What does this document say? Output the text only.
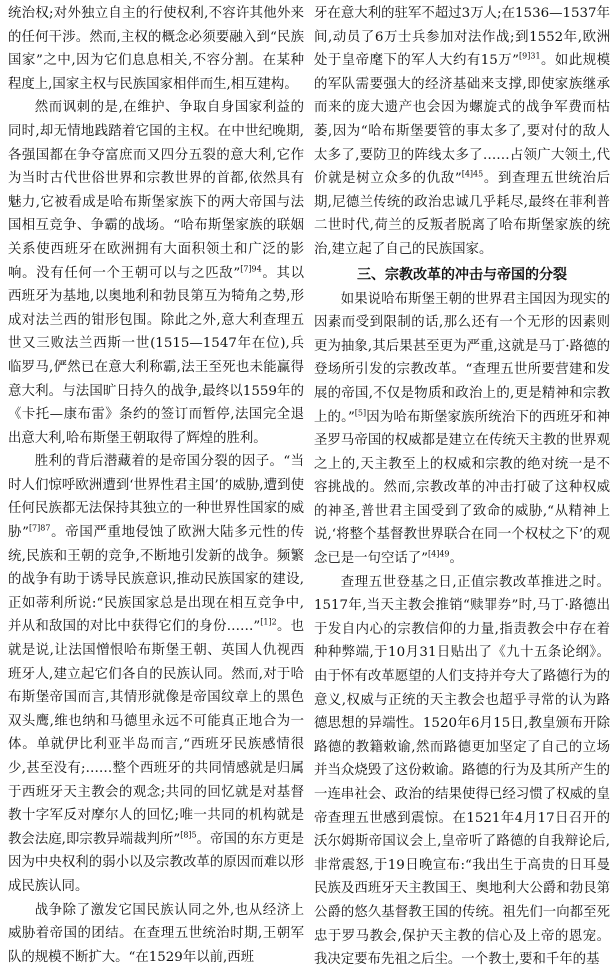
统治权;对外独立自主的行使权利,不容许其他外来的任何干涉。然而,主权的概念必须要融入到“民族国家”之中,因为它们息息相关,不容分割。在某种程度上,国家主权与民族国家相伴而生,相互建构。

然而讽刺的是,在维护、争取自身国家利益的同时,却无情地践踏着它国的主权。在中世纪晚期,各强国都在争夺富庶而又四分五裂的意大利,它作为当时古代世俗世界和宗教世界的首都,依然具有魅力,它被看成是哈布斯堡家族下的两大帝国与法国相互竞争、争霸的战场。“哈布斯堡家族的联姻关系使西班牙在欧洲拥有大面积领土和广泛的影响。没有任何一个王朝可以与之匹敌”$^{[7]94}$。其以西班牙为基地,以奥地利和勃艮第互为犄角之势,形成对法兰西的钳形包围。除此之外,意大利查理五世又三败法兰西斯一世(1515—1547年在位),兵临罗马,俨然已在意大利称霸,法王至死也未能赢得意大利。与法国旷日持久的战争,最终以1559年的《卡托—康布雷》条约的签订而暂停,法国完全退出意大利,哈布斯堡王朝取得了辉煌的胜利。

胜利的背后潜藏着的是帝国分裂的因子。“当时人们惊呼欧洲遭到‘世界性君主国’的威胁,遭到使任何民族都无法保持其独立的一种世界性国家的威胁”$^{[7]87}$。帝国严重地侵蚀了欧洲大陆多元性的传统,民族和王朝的竞争,不断地引发新的战争。频繁的战争有助于诱导民族意识,推动民族国家的建设,正如蒂利所说:“民族国家总是出现在相互竞争中,并从和敌国的对比中获得它们的身份……”$^{[1]2}$。也就是说,让法国憎恨哈布斯堡王朝、英国人仇视西班牙人,建立起它们各自的民族认同。然而,对于哈布斯堡帝国而言,其情形就像是帝国纹章上的黑色双头鹰,维也纳和马德里永远不可能真正地合为一体。单就伊比利亚半岛而言,“西班牙民族感情很少,甚至没有;……整个西班牙的共同情感就是归属于西班牙天主教会的观念;共同的回忆就是对基督教十字军反对摩尔人的回忆;唯一共同的机构就是教会法庭,即宗教异端裁判所”$^{[8]5}$。帝国的东方更是因为中央权利的弱小以及宗教改革的原因而难以形成民族认同。

战争除了激发它国民族认同之外,也从经济上威胁着帝国的团结。在查理五世统治时期,王朝军队的规模不断扩大。“在1529年以前,西班

牙在意大利的驻军不超过3万人;在1536—1537年间,动员了6万士兵参加对法作战;到1552年,欧洲处于皇帝麾下的军人大约有15万”$^{[9]31}$。如此规模的军队需要强大的经济基础来支撑,即使家族继承而来的庞大遗产也会因为螺旋式的战争军费而枯萎,因为“哈布斯堡要管的事太多了,要对付的敌人太多了,要防卫的阵线太多了……占领广大领土,代价就是树立众多的仇敌”$^{[4]45}$。到查理五世统治后期,尼德兰传统的政治忠诚几乎耗尽,最终在菲利普二世时代,荷兰的反叛者脱离了哈布斯堡家族的统治,建立起了自己的民族国家。

三、宗教改革的冲击与帝国的分裂

如果说哈布斯堡王朝的世界君主国因为现实的因素而受到限制的话,那么还有一个无形的因素则更为抽象,其后果甚至更为严重,这就是马丁·路德的登场所引发的宗教改革。“查理五世所要营建和发展的帝国,不仅是物质和政治上的,更是精神和宗教上的。”[5]因为哈布斯堡家族所统治下的西班牙和神圣罗马帝国的权威都是建立在传统天主教的世界观之上的,天主教至上的权威和宗教的绝对统一是不容挑战的。然而,宗教改革的冲击打破了这种权威的神圣,普世君主国受到了致命的威胁,“从精神上说,‘将整个基督教世界联合在同一个权杖之下’的观念已是一句空话了”$^{[4]49}$。

查理五世登基之日,正值宗教改革推进之时。1517年,当天主教会推销“赎罪券”时,马丁·路德出于发自内心的宗教信仰的力量,指责教会中存在着种种弊端,于10月31日贴出了《九十五条论纲》。由于怀有改革愿望的人们支持并夸大了路德行为的意义,权威与正统的天主教会也超乎寻常的认为路德思想的异端性。1520年6月15日,教皇颁布开除路德的教籍敕谕,然而路德更加坚定了自己的立场并当众烧毁了这份敕谕。路德的行为及其所产生的一连串社会、政治的结果使得已经习惯了权威的皇帝查理五世感到震惊。在1521年4月17日召开的沃尔姆斯帝国议会上,皇帝听了路德的自我辩论后,非常震怒,于19日晚宣布:“我出生于高贵的日耳曼民族及西班牙天主教国王、奥地利大公爵和勃艮第公爵的悠久基督教王国的传统。祖先们一向都至死忠于罗马教会,保护天主教的信心及上帝的恩宠。我决定要布先祖之后尘。一个教士,要和千年的基
